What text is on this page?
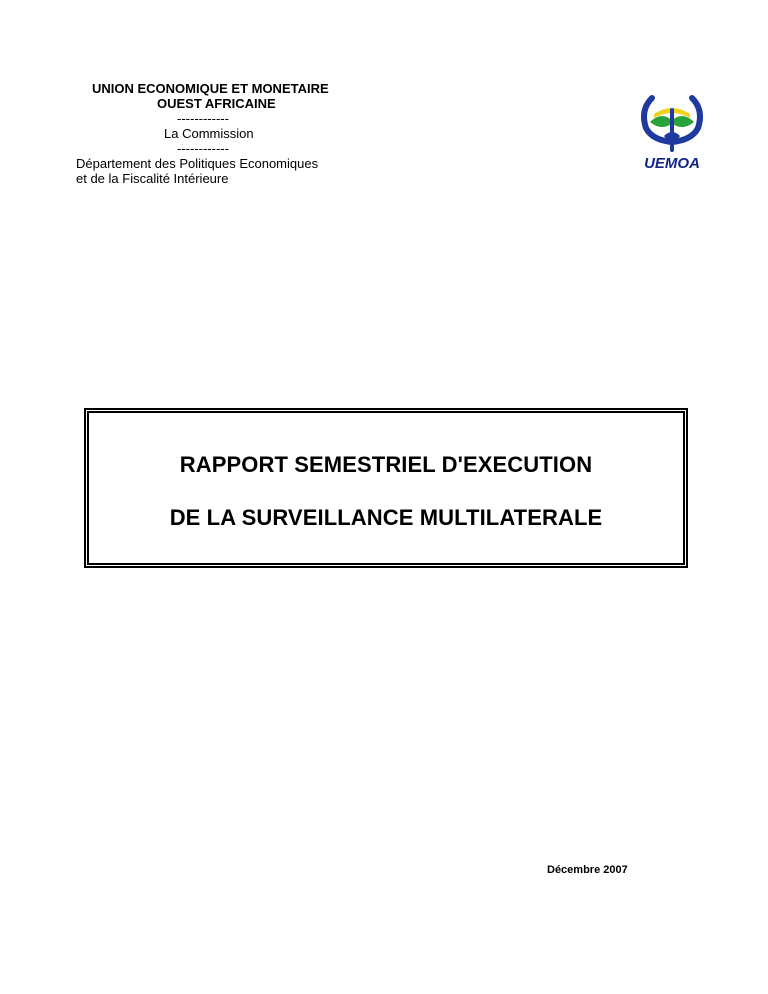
UNION ECONOMIQUE ET MONETAIRE
OUEST AFRICAINE
------------
La Commission
------------
Département des Politiques Economiques
et de la Fiscalité Intérieure
UEMOA
RAPPORT SEMESTRIEL D'EXECUTION
DE LA SURVEILLANCE MULTILATERALE
Décembre 2007
